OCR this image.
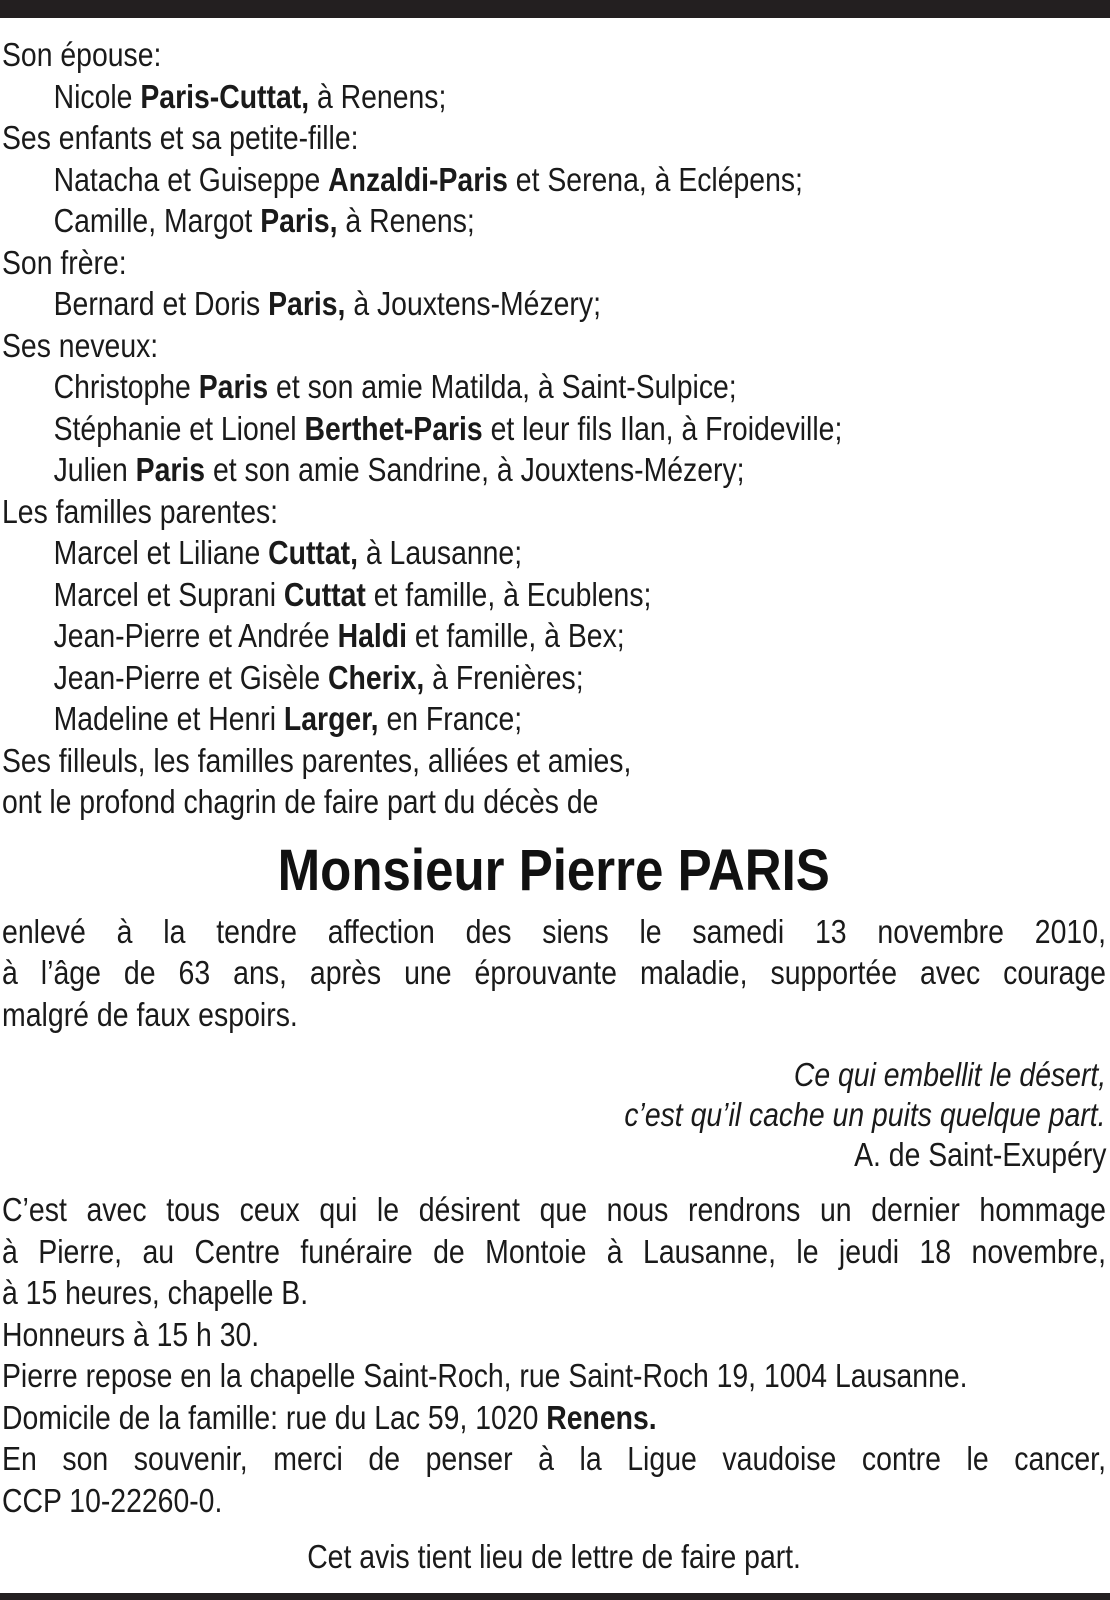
Son épouse:
Nicole Paris-Cuttat, à Renens;
Ses enfants et sa petite-fille:
Natacha et Guiseppe Anzaldi-Paris et Serena, à Eclépens;
Camille, Margot Paris, à Renens;
Son frère:
Bernard et Doris Paris, à Jouxtens-Mézery;
Ses neveux:
Christophe Paris et son amie Matilda, à Saint-Sulpice;
Stéphanie et Lionel Berthet-Paris et leur fils Ilan, à Froideville;
Julien Paris et son amie Sandrine, à Jouxtens-Mézery;
Les familles parentes:
Marcel et Liliane Cuttat, à Lausanne;
Marcel et Suprani Cuttat et famille, à Ecublens;
Jean-Pierre et Andrée Haldi et famille, à Bex;
Jean-Pierre et Gisèle Cherix, à Frenières;
Madeline et Henri Larger, en France;
Ses filleuls, les familles parentes, alliées et amies,
ont le profond chagrin de faire part du décès de
Monsieur Pierre PARIS
enlevé à la tendre affection des siens le samedi 13 novembre 2010,
à l’âge de 63 ans, après une éprouvante maladie, supportée avec courage
malgré de faux espoirs.
Ce qui embellit le désert,
c’est qu’il cache un puits quelque part.
A. de Saint-Exupéry
C’est avec tous ceux qui le désirent que nous rendrons un dernier hommage
à Pierre, au Centre funéraire de Montoie à Lausanne, le jeudi 18 novembre,
à 15 heures, chapelle B.
Honneurs à 15 h 30.
Pierre repose en la chapelle Saint-Roch, rue Saint-Roch 19, 1004 Lausanne.
Domicile de la famille: rue du Lac 59, 1020 Renens.
En son souvenir, merci de penser à la Ligue vaudoise contre le cancer,
CCP 10-22260-0.
Cet avis tient lieu de lettre de faire part.
